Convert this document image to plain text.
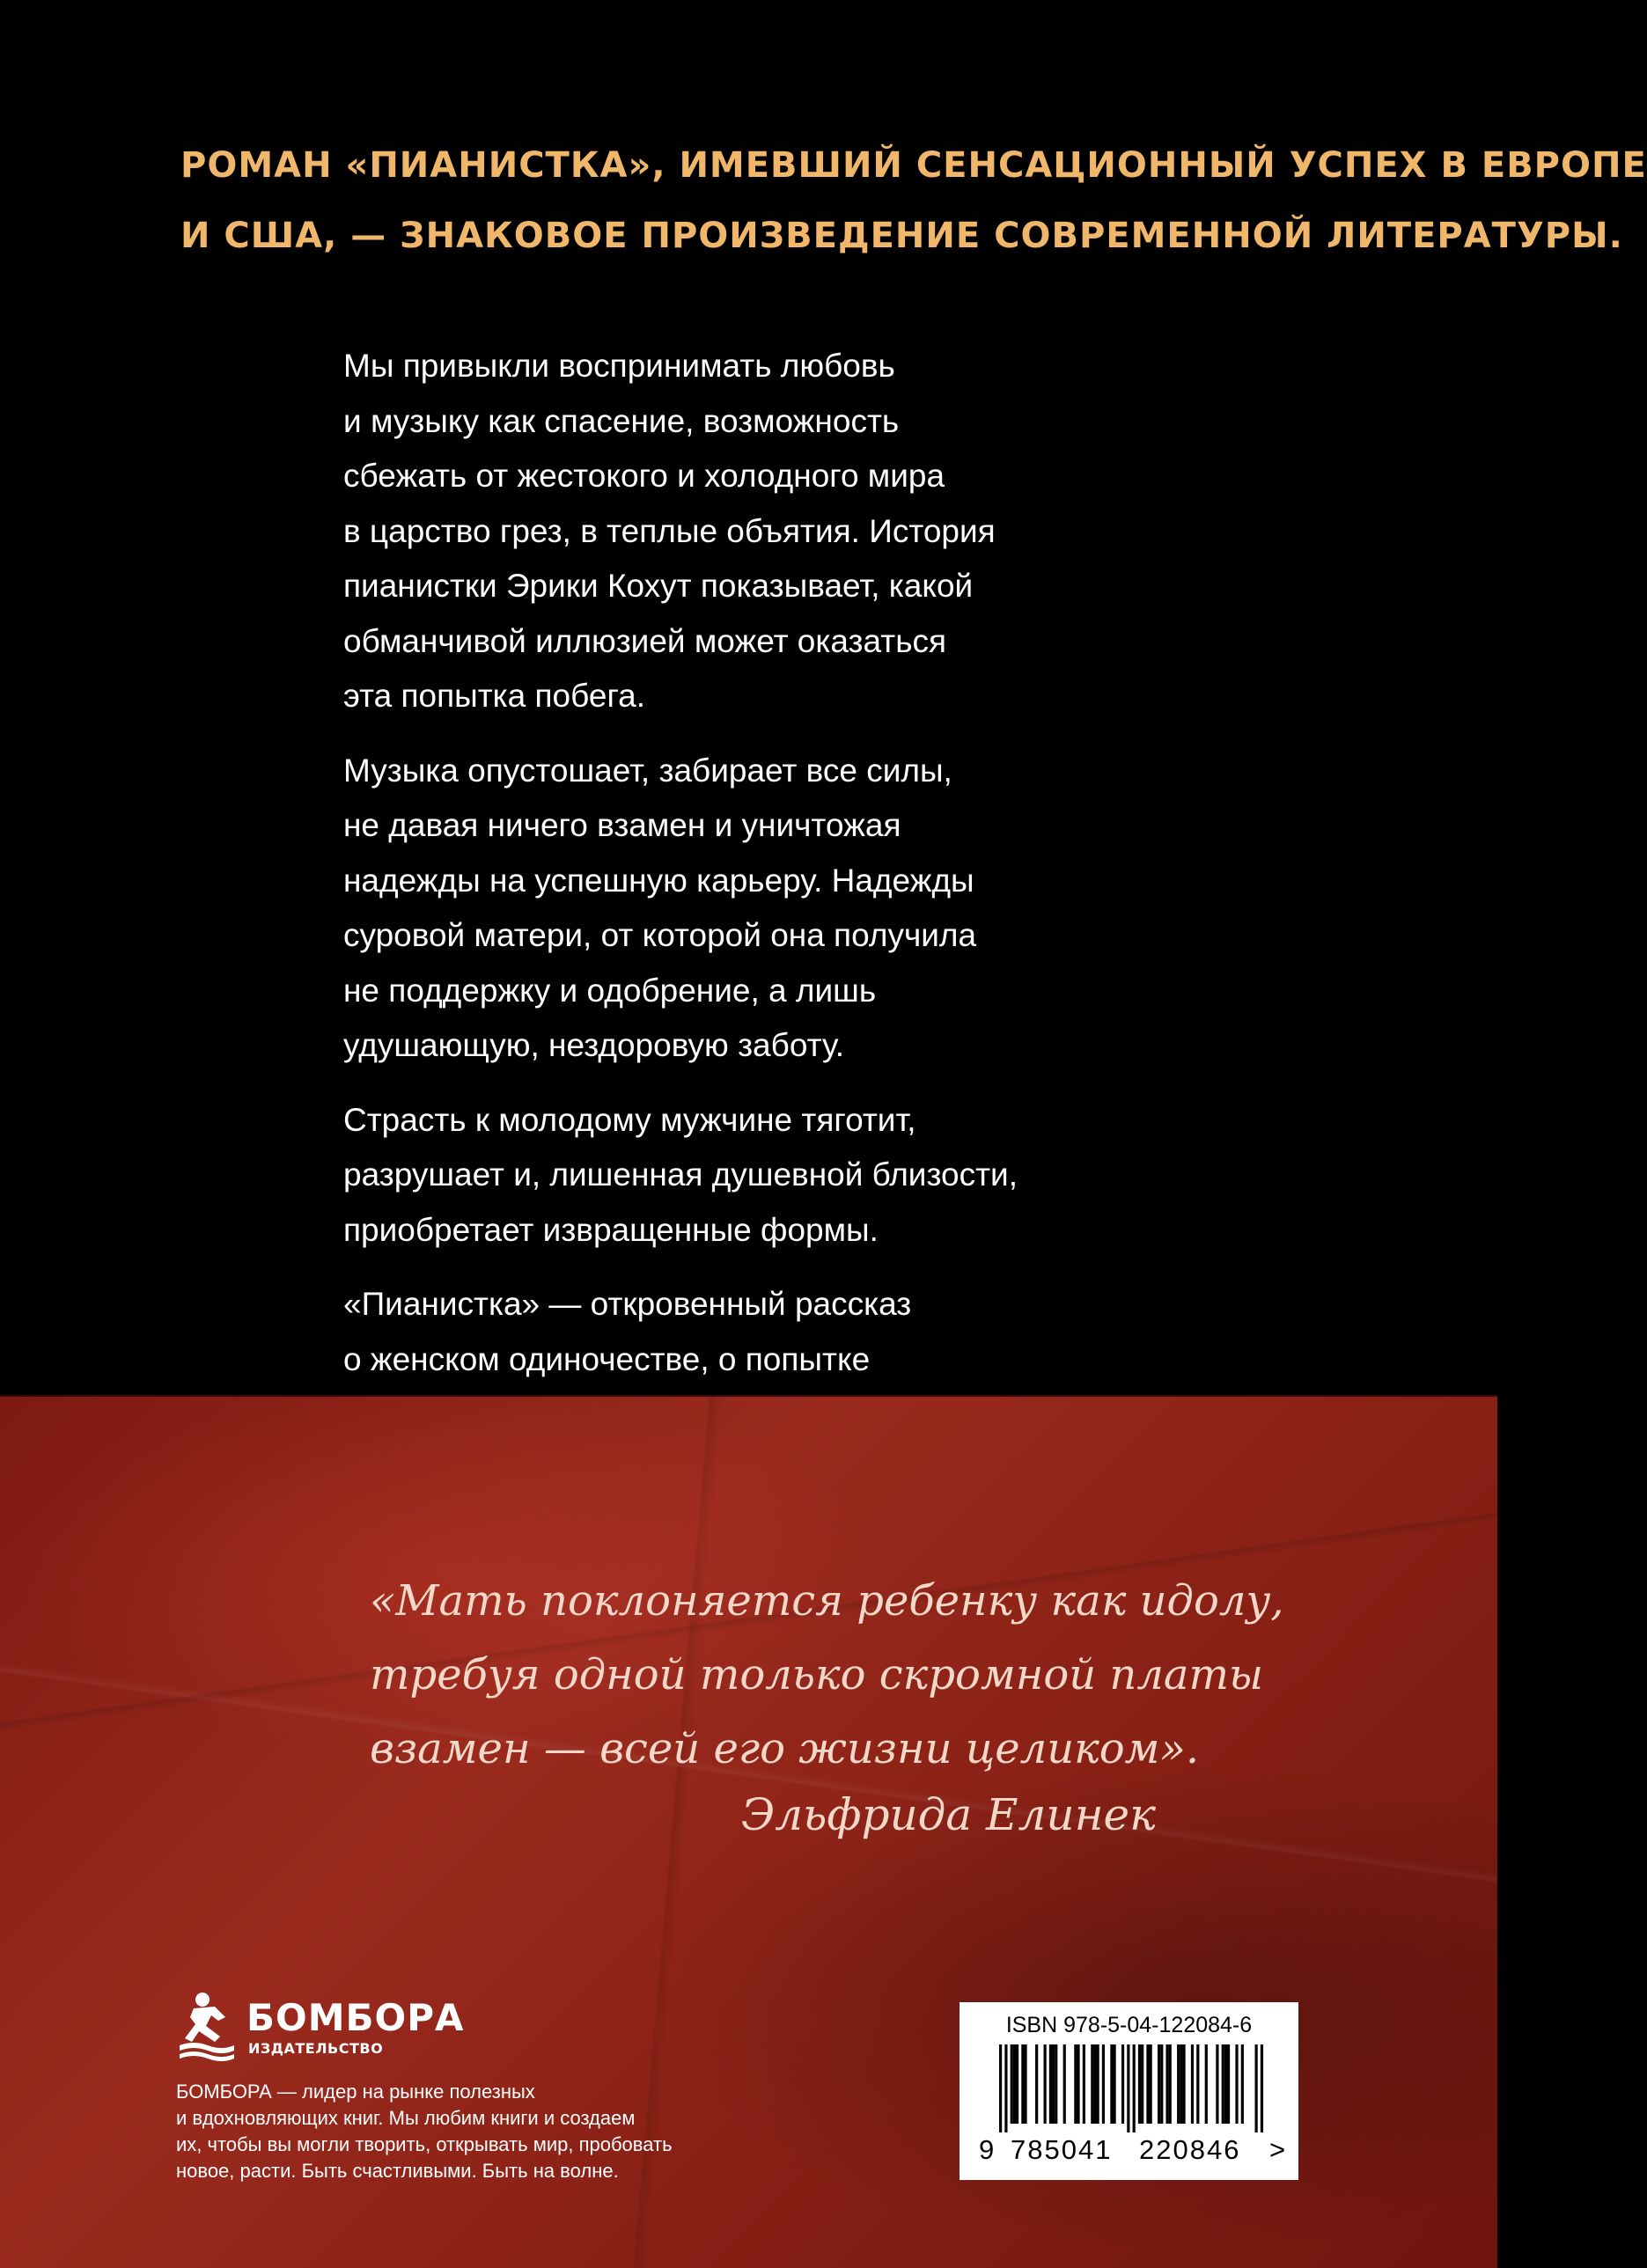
РОМАН «ПИАНИСТКА», ИМЕВШИЙ СЕНСАЦИОННЫЙ УСПЕХ В ЕВРОПЕ
И США, — ЗНАКОВОЕ ПРОИЗВЕДЕНИЕ СОВРЕМЕННОЙ ЛИТЕРАТУРЫ.

Мы привыкли воспринимать любовь
и музыку как спасение, возможность
сбежать от жестокого и холодного мира
в царство грез, в теплые объятия. История
пианистки Эрики Кохут показывает, какой
обманчивой иллюзией может оказаться
эта попытка побега.

Музыка опустошает, забирает все силы,
не давая ничего взамен и уничтожая
надежды на успешную карьеру. Надежды
суровой матери, от которой она получила
не поддержку и одобрение, а лишь
удушающую, нездоровую заботу.

Страсть к молодому мужчине тяготит,
разрушает и, лишенная душевной близости,
приобретает извращенные формы.

«Пианистка» — откровенный рассказ
о женском одиночестве, о попытке

«Мать поклоняется ребенку как идолу,
требуя одной только скромной платы
взамен — всей его жизни целиком».
Эльфрида Елинек
БОМБОРА
ИЗДАТЕЛЬСТВО
БОМБОРА — лидер на рынке полезных
и вдохновляющих книг. Мы любим книги и создаем
их, чтобы вы могли творить, открывать мир, пробовать
новое, расти. Быть счастливыми. Быть на волне.
ISBN 978-5-04-122084-6
9 785041 220846 >
